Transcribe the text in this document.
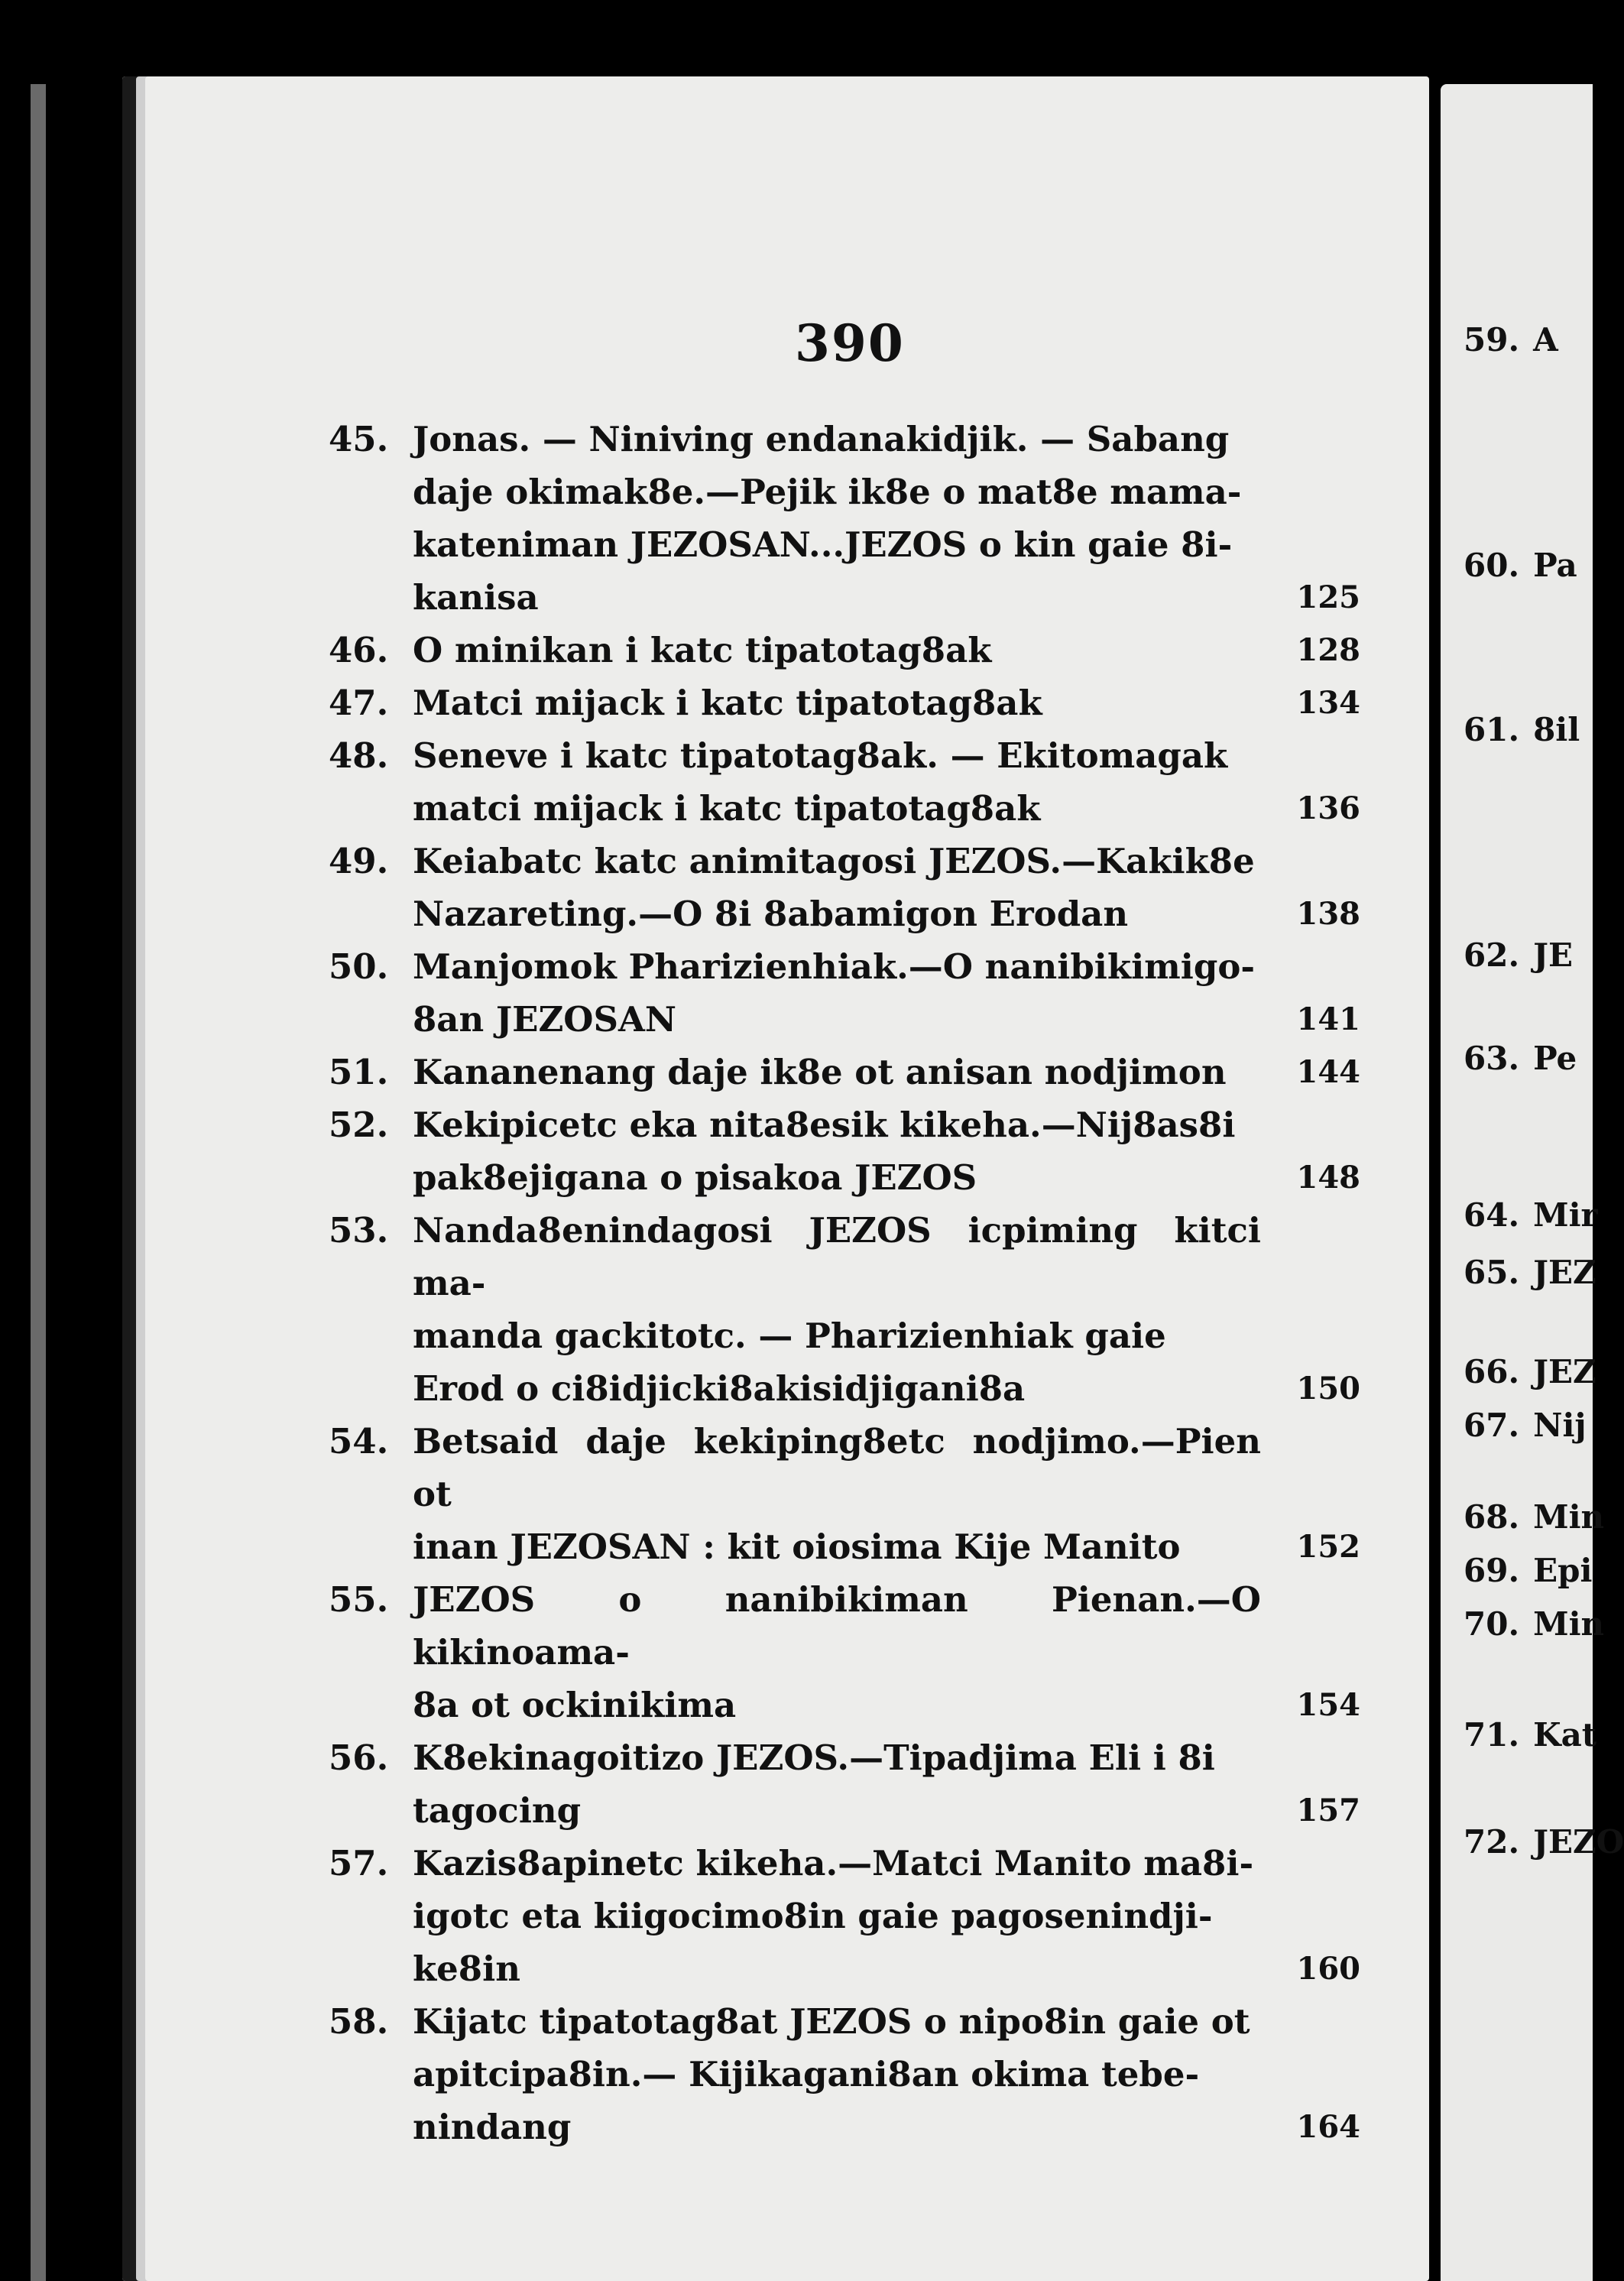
390
45. Jonas. — Niniving endanakidjik. — Sabang
daje okimak8e.—Pejik ik8e o mat8e mama-
kateniman JEZOSAN...JEZOS o kin gaie 8i-
kanisa	125
46. O minikan i katc tipatotag8ak	128
47. Matci mijack i katc tipatotag8ak	134
48. Seneve i katc tipatotag8ak. — Ekitomagak
matci mijack i katc tipatotag8ak	136
49. Keiabatc katc animitagosi JEZOS.—Kakik8e
Nazareting.—O 8i 8abamigon Erodan	138
50. Manjomok Pharizienhiak.—O nanibikimigo-
8an JEZOSAN	141
51. Kananenang daje ik8e ot anisan nodjimon	144
52. Kekipicetc eka nita8esik kikeha.—Nij8as8i
pak8ejigana o pisakoa JEZOS	148
53. Nanda8enindagosi JEZOS icpiming kitci ma-
manda gackitotc. — Pharizienhiak gaie
Erod o ci8idjicki8akisidjigani8a	150
54. Betsaid daje kekiping8etc nodjimo.—Pien ot
inan JEZOSAN : kit oiosima Kije Manito	152
55. JEZOS o nanibikiman Pienan.—O kikinoama-
8a ot ockinikima	154
56. K8ekinagoitizo JEZOS.—Tipadjima Eli i 8i
tagocing	157
57. Kazis8apinetc kikeha.—Matci Manito ma8i-
igotc eta kiigocimo8in gaie pagosenindji-
ke8in	160
58. Kijatc tipatotag8at JEZOS o nipo8in gaie ot
apitcipa8in.— Kijikagani8an okima tebe-
nindang	164
59. A
60. Pa
61. 8il
62. JE
63. Pe
64. Mir
65. JEZ
66. JEZ
67. Nij
68. Min
69. Epi
70. Min
71. Kat
72. JEZO
